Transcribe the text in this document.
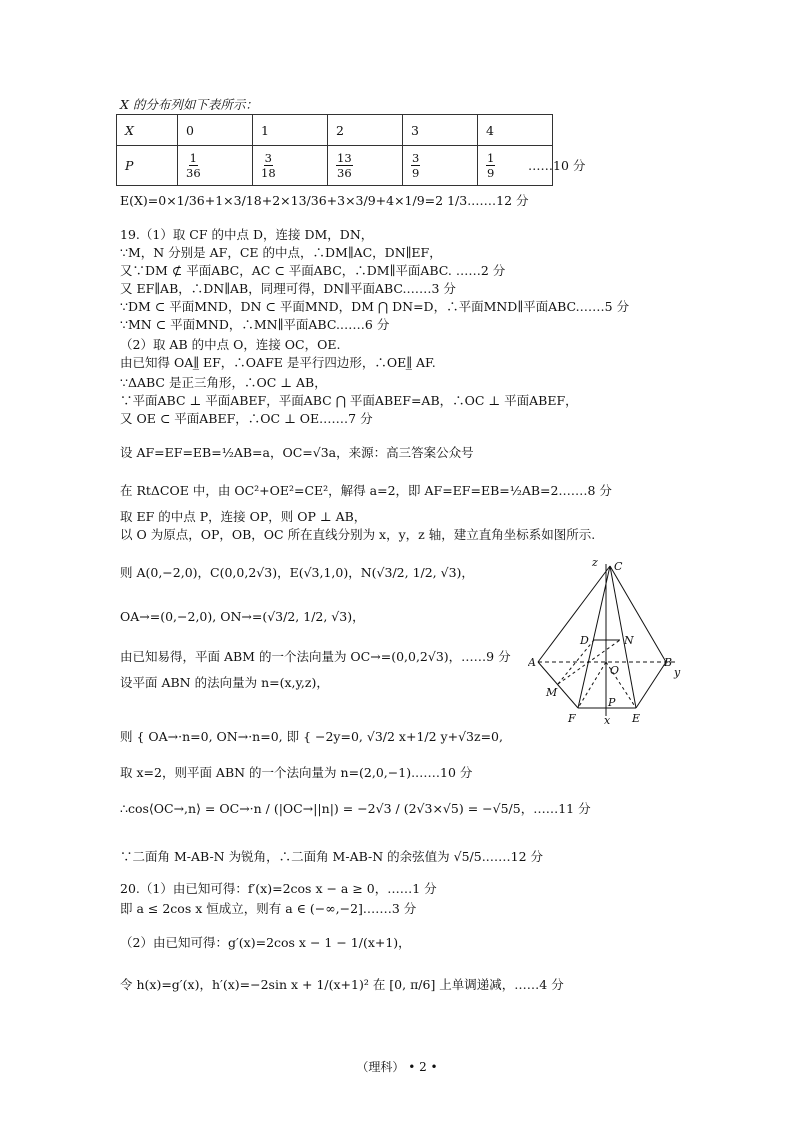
X 的分布列如下表所示：
X	0	1	2	3	4
P	$\frac{1}{36}$	$\frac{3}{18}$	$\frac{13}{36}$	$\frac{3}{9}$	$\frac{1}{9}$	……10 分
E(X)=0×1/36+1×3/18+2×13/36+3×3/9+4×1/9=2 1/3.……12 分
19.（1）取 CF 的中点 D，连接 DM，DN，
∵M，N 分别是 AF，CE 的中点，∴DM∥AC，DN∥EF，
又∵DM ⊄ 平面ABC，AC ⊂ 平面ABC，∴DM∥平面ABC. ……2 分
又 EF∥AB，∴DN∥AB，同理可得，DN∥平面ABC.……3 分
∵DM ⊂ 平面MND，DN ⊂ 平面MND，DM ⋂ DN=D，∴平面MND∥平面ABC.……5 分
∵MN ⊂ 平面MND，∴MN∥平面ABC.……6 分
（2）取 AB 的中点 O，连接 OC，OE.
由已知得 OA∥̲ EF，∴OAFE 是平行四边形，∴OE∥̲ AF.
∵ΔABC 是正三角形，∴OC ⊥ AB，
∵平面ABC ⊥ 平面ABEF，平面ABC ⋂ 平面ABEF=AB，∴OC ⊥ 平面ABEF，
又 OE ⊂ 平面ABEF，∴OC ⊥ OE.……7 分
设 AF=EF=EB=½AB=a，OC=√3a，来源：高三答案公众号
在 RtΔCOE 中，由 OC²+OE²=CE²，解得 a=2，即 AF=EF=EB=½AB=2.……8 分
取 EF 的中点 P，连接 OP，则 OP ⊥ AB，
以 O 为原点，OP，OB，OC 所在直线分别为 x，y，z 轴，建立直角坐标系如图所示.
则 A(0,−2,0)，C(0,0,2√3)，E(√3,1,0)，N(√3/2, 1/2, √3)，
OA→=(0,−2,0), ON→=(√3/2, 1/2, √3)，
由已知易得，平面 ABM 的一个法向量为 OC→=(0,0,2√3)，……9 分
设平面 ABN 的法向量为 n=(x,y,z)，
则 { OA→·n=0, ON→·n=0, 即 { −2y=0, √3/2 x+1/2 y+√3z=0,
取 x=2，则平面 ABN 的一个法向量为 n=(2,0,−1).……10 分
∴cos⟨OC→,n⟩ = OC→·n / (|OC→||n|) = −2√3 / (2√3×√5) = −√5/5，……11 分
∵二面角 M-AB-N 为锐角，∴二面角 M-AB-N 的余弦值为 √5/5.……12 分
20.（1）由已知可得：f′(x)=2cos x − a ≥ 0，……1 分
即 a ≤ 2cos x 恒成立，则有 a ∈ (−∞,−2].……3 分
（2）由已知可得：g′(x)=2cos x − 1 − 1/(x+1)，
令 h(x)=g′(x)，h′(x)=−2sin x + 1/(x+1)² 在 [0, π/6] 上单调递减，……4 分
z C
D	N
A
O
B
y
M
F
P
x E
（理科） • 2 •
